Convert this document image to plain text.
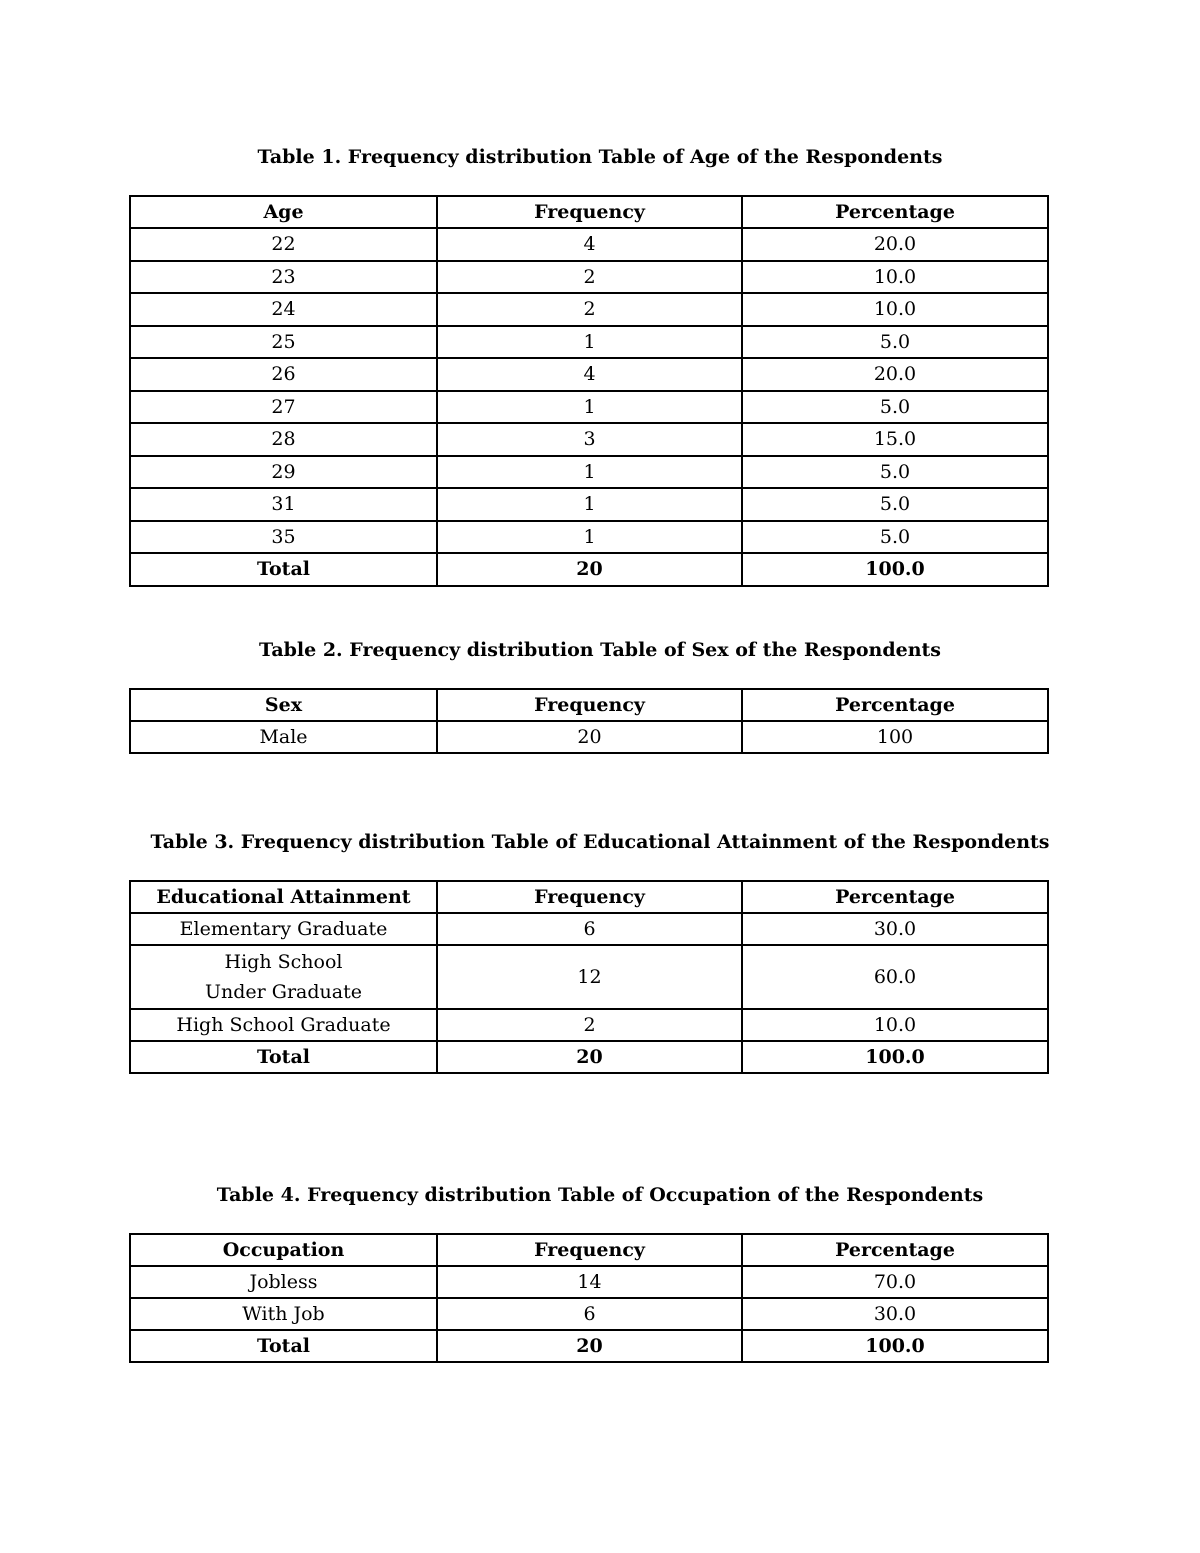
Table 1. Frequency distribution Table of Age of the Respondents

Age	Frequency	Percentage
22	4	20.0
23	2	10.0
24	2	10.0
25	1	5.0
26	4	20.0
27	1	5.0
28	3	15.0
29	1	5.0
31	1	5.0
35	1	5.0
Total	20	100.0

Table 2. Frequency distribution Table of Sex of the Respondents

Sex	Frequency	Percentage
Male	20	100

Table 3. Frequency distribution Table of Educational Attainment of the Respondents

Educational Attainment	Frequency	Percentage
Elementary Graduate	6	30.0
High School Under Graduate	12	60.0
High School Graduate	2	10.0
Total	20	100.0

Table 4. Frequency distribution Table of Occupation of the Respondents

Occupation	Frequency	Percentage
Jobless	14	70.0
With Job	6	30.0
Total	20	100.0
